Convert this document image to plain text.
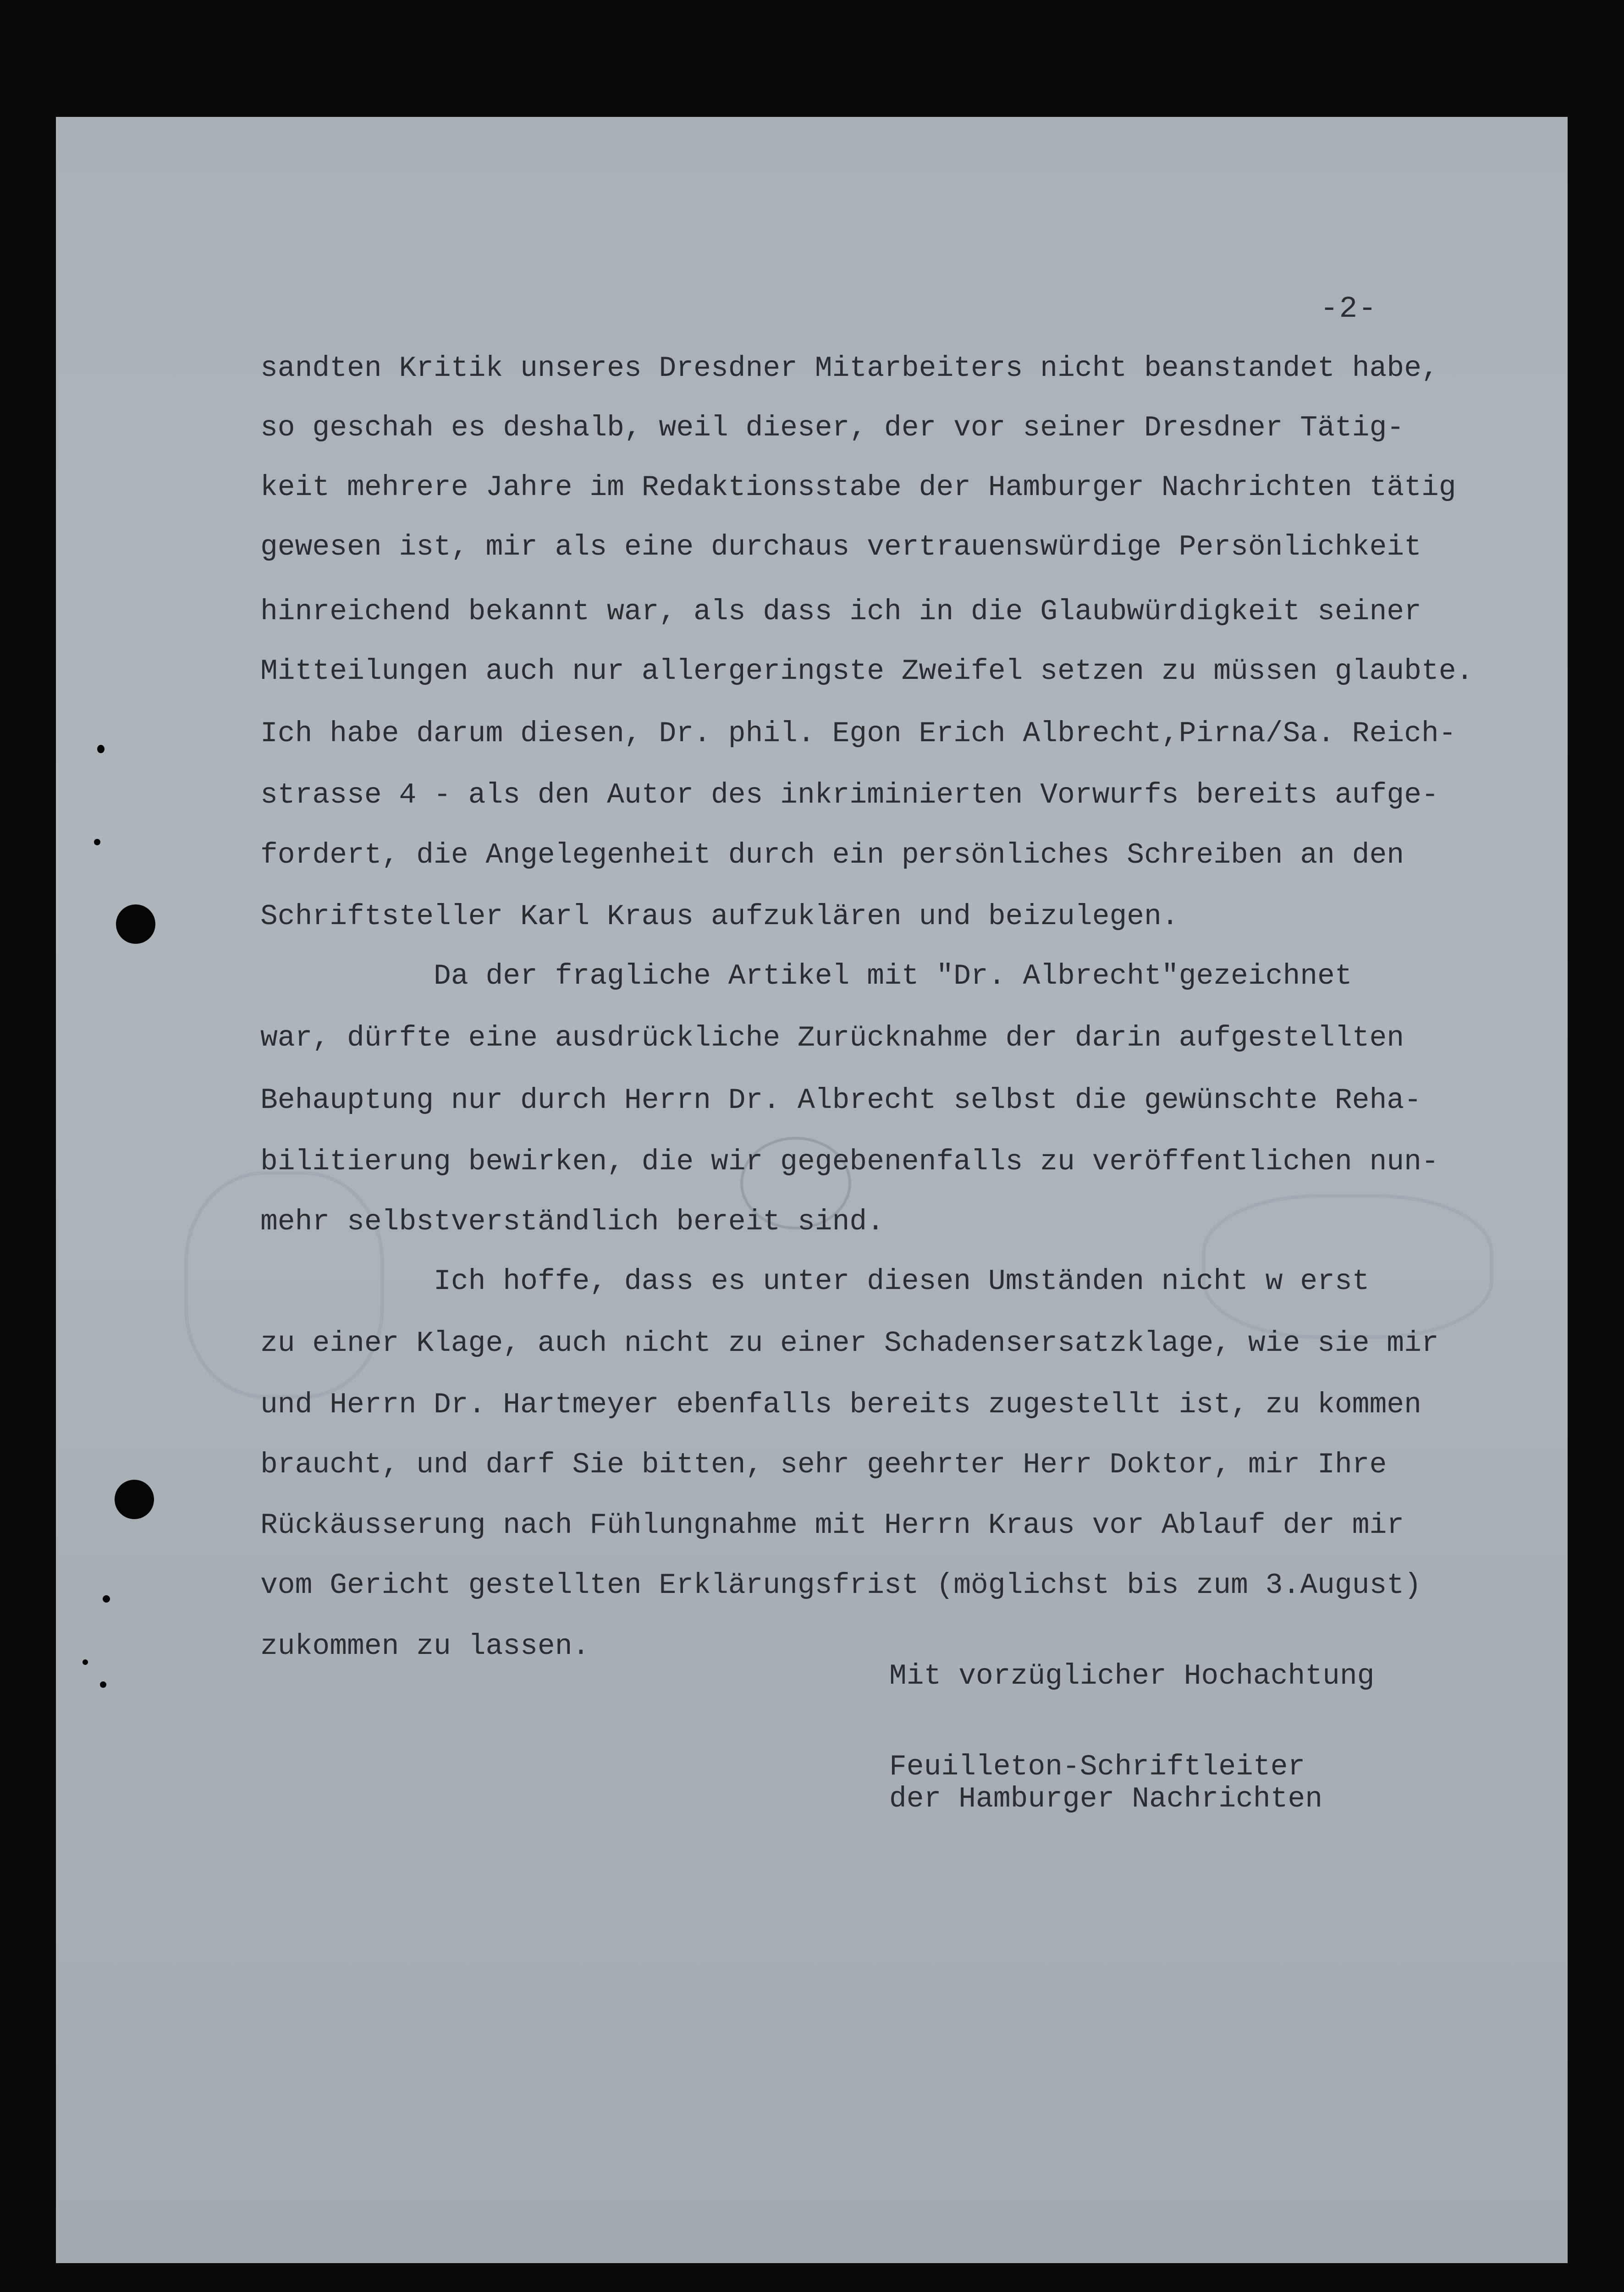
-2-
sandten Kritik unseres Dresdner Mitarbeiters nicht beanstandet habe,
so geschah es deshalb, weil dieser, der vor seiner Dresdner Tätig-
keit mehrere Jahre im Redaktionsstabe der Hamburger Nachrichten tätig
gewesen ist, mir als eine durchaus vertrauenswürdige Persönlichkeit
hinreichend bekannt war, als dass ich in die Glaubwürdigkeit seiner
Mitteilungen auch nur allergeringste Zweifel setzen zu müssen glaubte.
Ich habe darum diesen, Dr. phil. Egon Erich Albrecht,Pirna/Sa. Reich-
strasse 4 - als den Autor des inkriminierten Vorwurfs bereits aufge-
fordert, die Angelegenheit durch ein persönliches Schreiben an den
Schriftsteller Karl Kraus aufzuklären und beizulegen.
Da der fragliche Artikel mit "Dr. Albrecht"gezeichnet
war, dürfte eine ausdrückliche Zurücknahme der darin aufgestellten
Behauptung nur durch Herrn Dr. Albrecht selbst die gewünschte Reha-
bilitierung bewirken, die wir gegebenenfalls zu veröffentlichen nun-
mehr selbstverständlich bereit sind.
Ich hoffe, dass es unter diesen Umständen nicht w erst
zu einer Klage, auch nicht zu einer Schadensersatzklage, wie sie mir
und Herrn Dr. Hartmeyer ebenfalls bereits zugestellt ist, zu kommen
braucht, und darf Sie bitten, sehr geehrter Herr Doktor, mir Ihre
Rückäusserung nach Fühlungnahme mit Herrn Kraus vor Ablauf der mir
vom Gericht gestellten Erklärungsfrist (möglichst bis zum 3.August)
zukommen zu lassen.
Mit vorzüglicher Hochachtung
Feuilleton-Schriftleiter
der Hamburger Nachrichten
